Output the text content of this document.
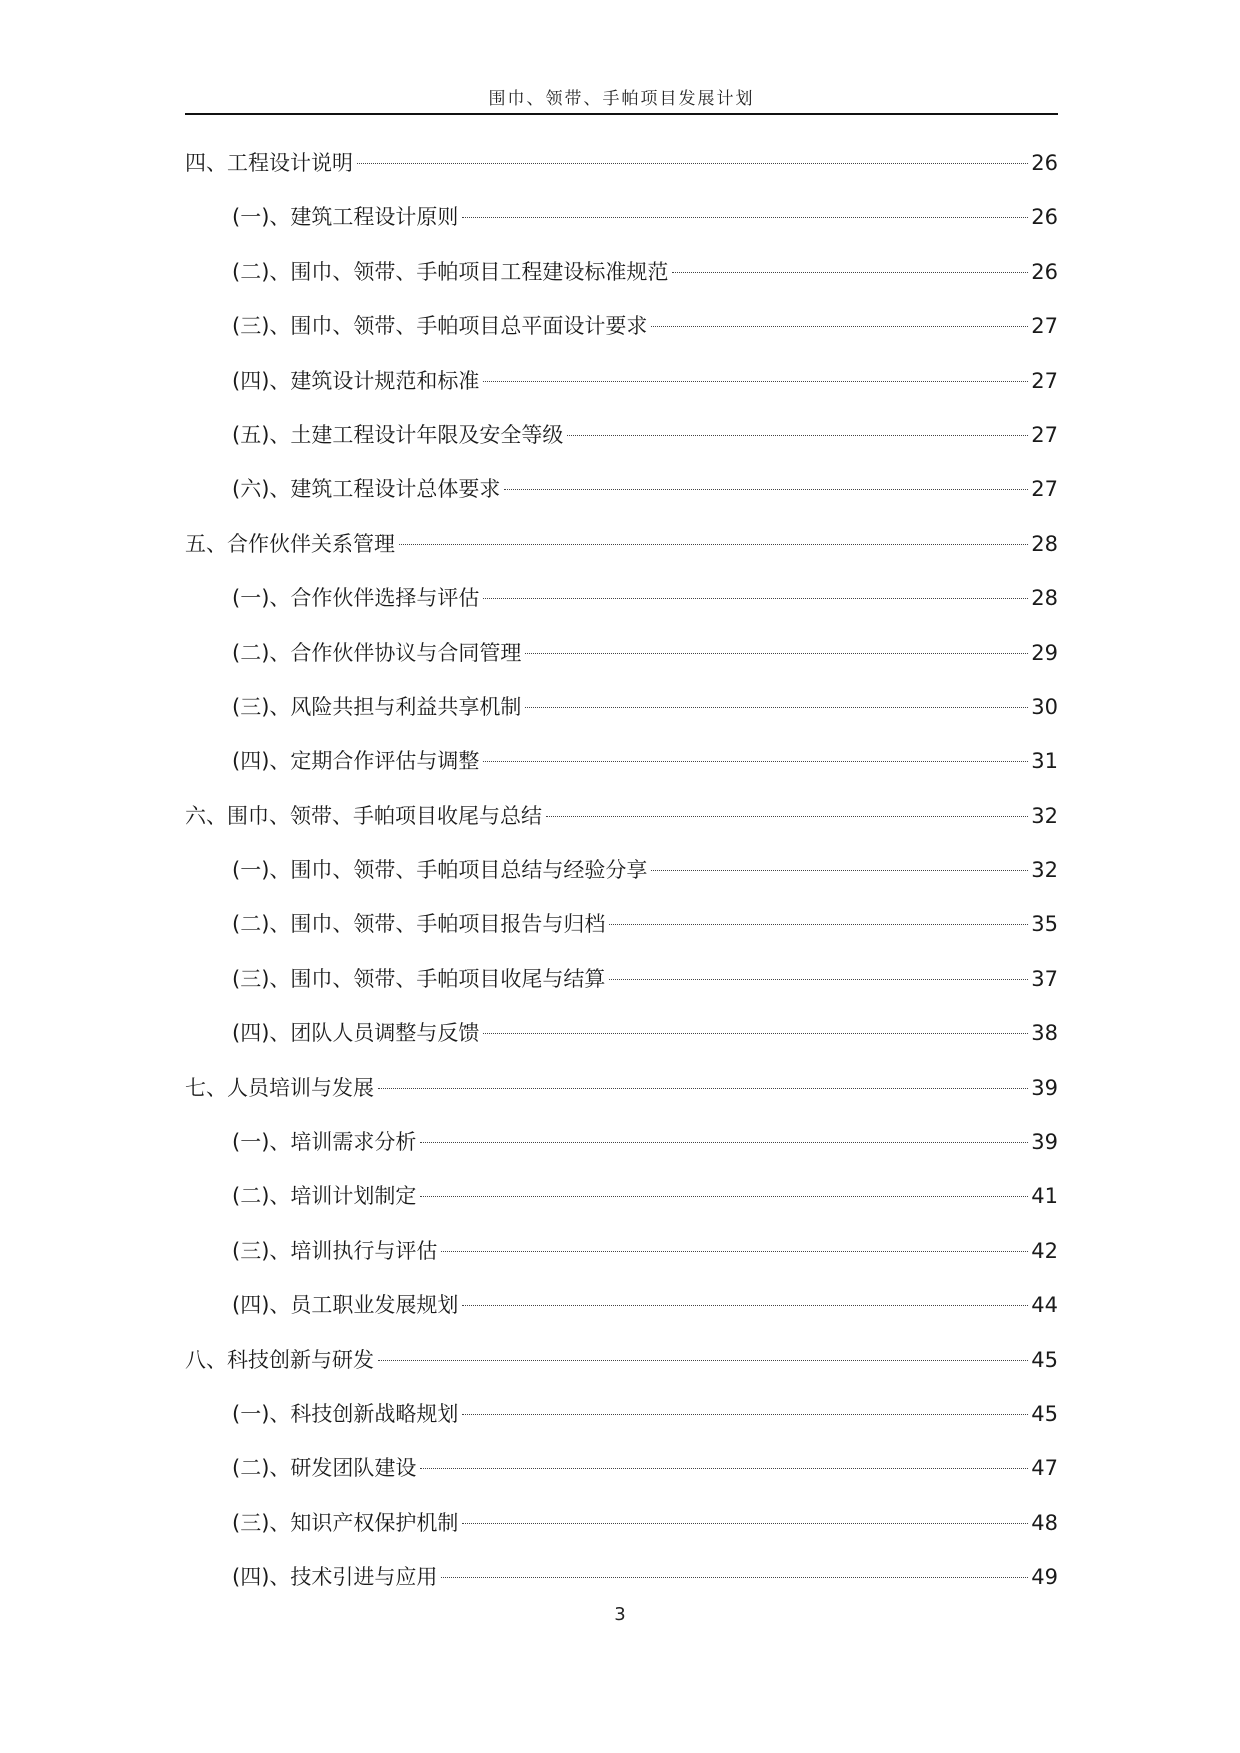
围巾、领带、手帕项目发展计划
四、工程设计说明	26
(一)、建筑工程设计原则	26
(二)、围巾、领带、手帕项目工程建设标准规范	26
(三)、围巾、领带、手帕项目总平面设计要求	27
(四)、建筑设计规范和标准	27
(五)、土建工程设计年限及安全等级	27
(六)、建筑工程设计总体要求	27
五、合作伙伴关系管理	28
(一)、合作伙伴选择与评估	28
(二)、合作伙伴协议与合同管理	29
(三)、风险共担与利益共享机制	30
(四)、定期合作评估与调整	31
六、围巾、领带、手帕项目收尾与总结	32
(一)、围巾、领带、手帕项目总结与经验分享	32
(二)、围巾、领带、手帕项目报告与归档	35
(三)、围巾、领带、手帕项目收尾与结算	37
(四)、团队人员调整与反馈	38
七、人员培训与发展	39
(一)、培训需求分析	39
(二)、培训计划制定	41
(三)、培训执行与评估	42
(四)、员工职业发展规划	44
八、科技创新与研发	45
(一)、科技创新战略规划	45
(二)、研发团队建设	47
(三)、知识产权保护机制	48
(四)、技术引进与应用	49
3
